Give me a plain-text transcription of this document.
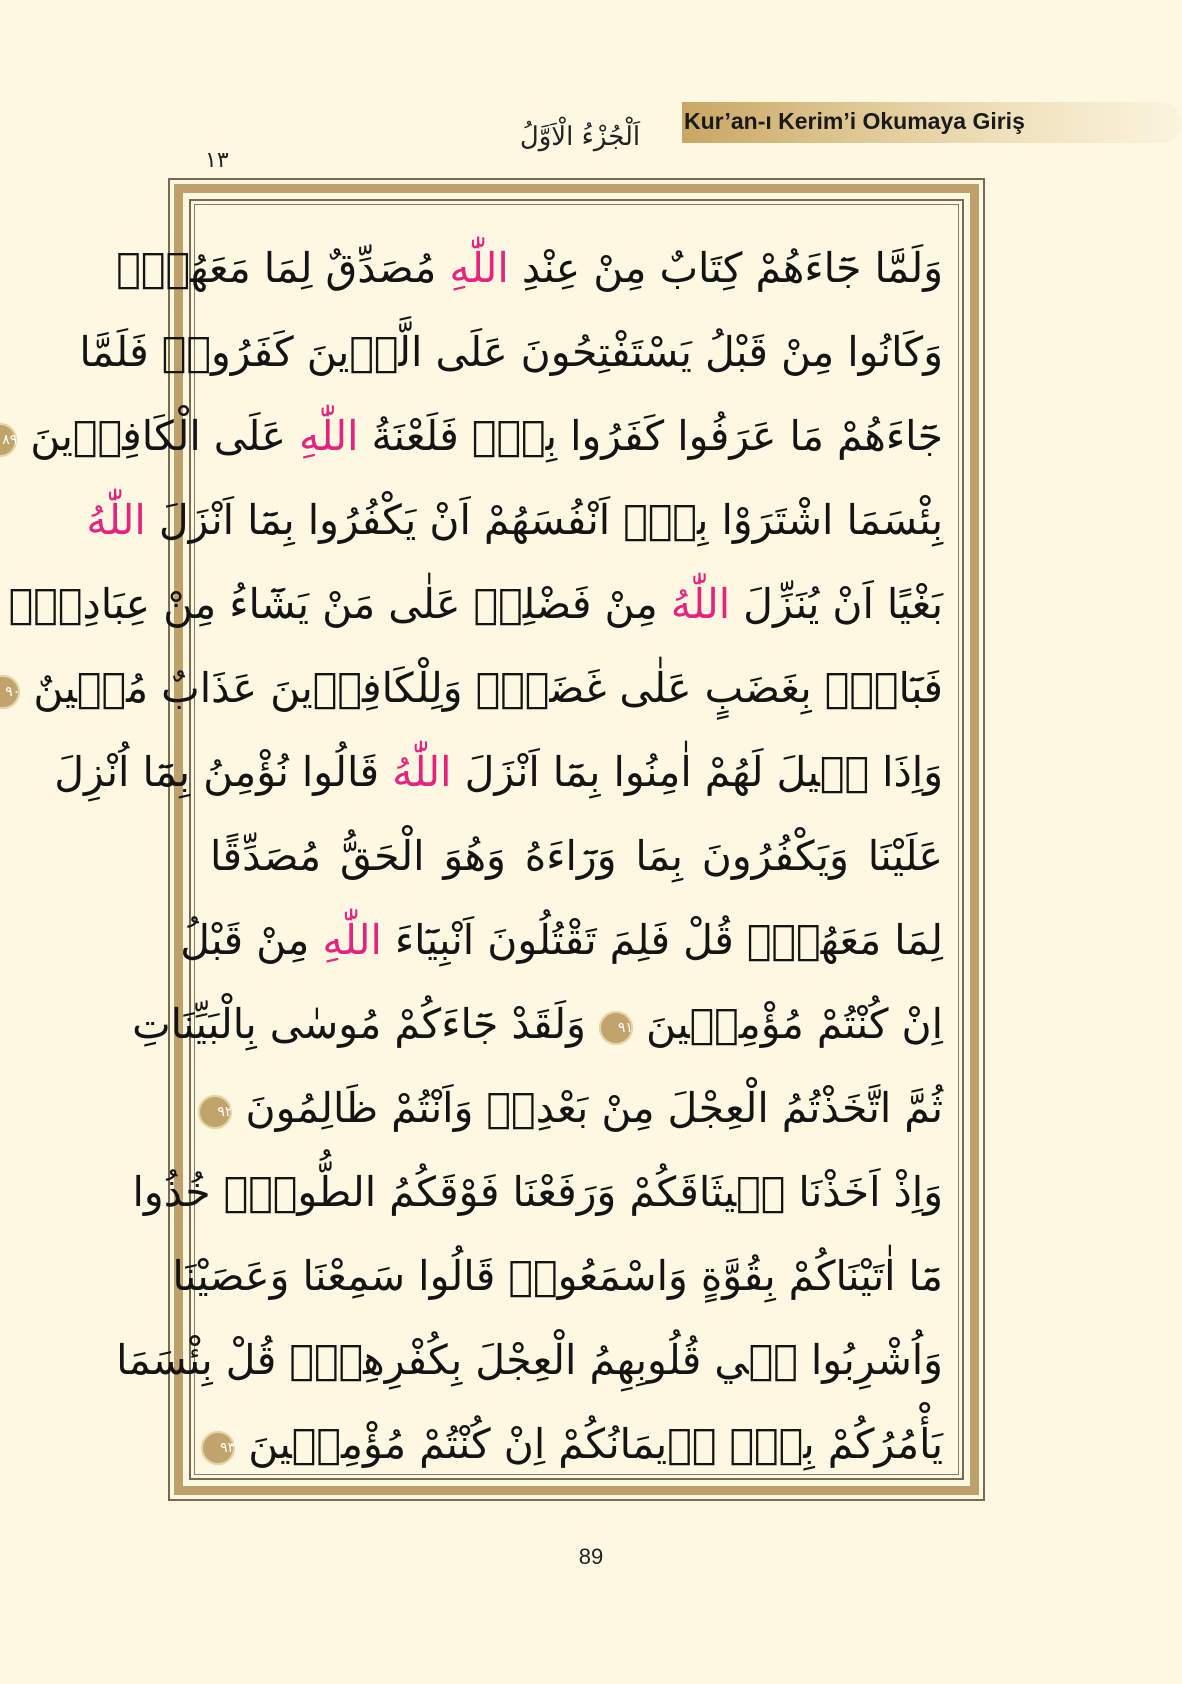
Kur’an-ı Kerim’i Okumaya Giriş
اَلْجُزْءُ الْاَوَّلُ
١٣
وَلَمَّا جَٓاءَهُمْ كِتَابٌ مِنْ عِنْدِ اللّٰهِ مُصَدِّقٌ لِمَا مَعَهُمْۙ
وَكَانُوا مِنْ قَبْلُ يَسْتَفْتِحُونَ عَلَى الَّذ۪ينَ كَفَرُواۚ فَلَمَّا
جَٓاءَهُمْ مَا عَرَفُوا كَفَرُوا بِه۪ۘ فَلَعْنَةُ اللّٰهِ عَلَى الْكَافِر۪ينَ ٨٩
بِئْسَمَا اشْتَرَوْا بِه۪ٓ اَنْفُسَهُمْ اَنْ يَكْفُرُوا بِمَٓا اَنْزَلَ اللّٰهُ
بَغْيًا اَنْ يُنَزِّلَ اللّٰهُ مِنْ فَضْلِه۪ عَلٰى مَنْ يَشَٓاءُ مِنْ عِبَادِه۪ۚ
فَبَٓاؤُ۫ بِغَضَبٍ عَلٰى غَضَبٍۜ وَلِلْكَافِر۪ينَ عَذَابٌ مُه۪ينٌ ٩٠
وَاِذَا ق۪يلَ لَهُمْ اٰمِنُوا بِمَٓا اَنْزَلَ اللّٰهُ قَالُوا نُؤْمِنُ بِمَٓا اُنْزِلَ
عَلَيْنَا وَيَكْفُرُونَ بِمَا وَرَٓاءَهُ وَهُوَ الْحَقُّ مُصَدِّقًا
لِمَا مَعَهُمْۜ قُلْ فَلِمَ تَقْتُلُونَ اَنْبِيَٓاءَ اللّٰهِ مِنْ قَبْلُ
اِنْ كُنْتُمْ مُؤْمِن۪ينَ ٩١ وَلَقَدْ جَٓاءَكُمْ مُوسٰى بِالْبَيِّنَاتِ
ثُمَّ اتَّخَذْتُمُ الْعِجْلَ مِنْ بَعْدِه۪ وَاَنْتُمْ ظَالِمُونَ ٩٢
وَاِذْ اَخَذْنَا م۪يثَاقَكُمْ وَرَفَعْنَا فَوْقَكُمُ الطُّورَۜ خُذُوا
مَٓا اٰتَيْنَاكُمْ بِقُوَّةٍ وَاسْمَعُواۜ قَالُوا سَمِعْنَا وَعَصَيْنَا
وَاُشْرِبُوا ف۪ي قُلُوبِهِمُ الْعِجْلَ بِكُفْرِهِمْۜ قُلْ بِئْسَمَا
يَأْمُرُكُمْ بِه۪ٓ ا۪يمَانُكُمْ اِنْ كُنْتُمْ مُؤْمِن۪ينَ ٩٣
89
